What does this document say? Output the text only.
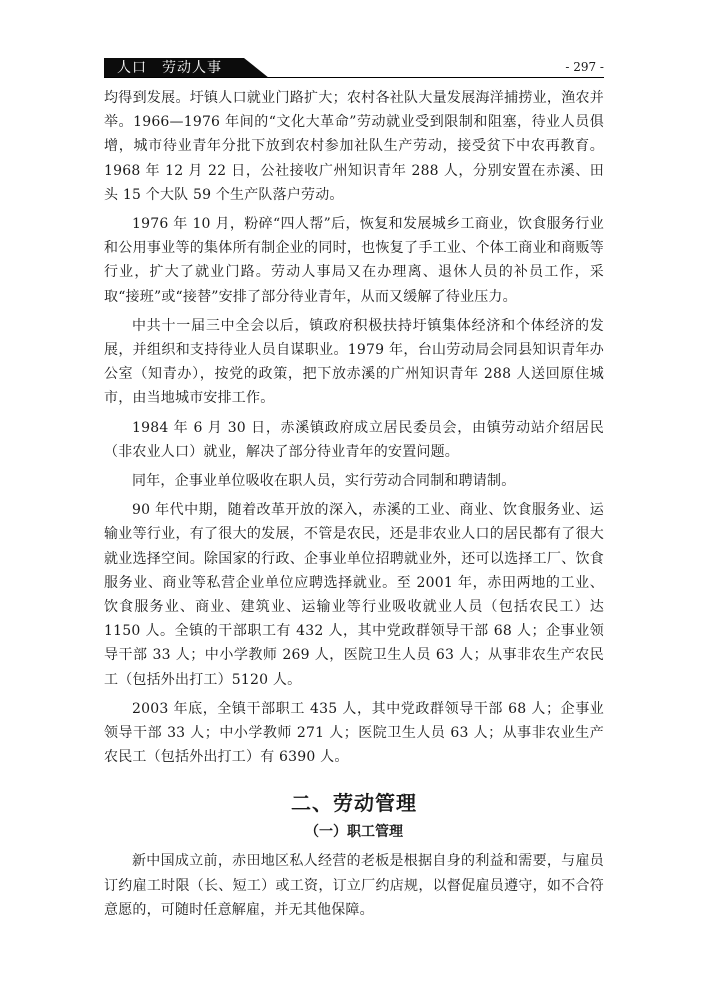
人口　劳动人事	- 297 -

均得到发展。圩镇人口就业门路扩大；农村各社队大量发展海洋捕捞业，渔农并举。1966—1976 年间的“文化大革命”劳动就业受到限制和阻塞，待业人员俱增，城市待业青年分批下放到农村参加社队生产劳动，接受贫下中农再教育。1968 年 12 月 22 日，公社接收广州知识青年 288 人，分别安置在赤溪、田头 15 个大队 59 个生产队落户劳动。

1976 年 10 月，粉碎“四人帮”后，恢复和发展城乡工商业，饮食服务行业和公用事业等的集体所有制企业的同时，也恢复了手工业、个体工商业和商贩等行业，扩大了就业门路。劳动人事局又在办理离、退休人员的补员工作，采取“接班”或“接替”安排了部分待业青年，从而又缓解了待业压力。

中共十一届三中全会以后，镇政府积极扶持圩镇集体经济和个体经济的发展，并组织和支持待业人员自谋职业。1979 年，台山劳动局会同县知识青年办公室（知青办），按党的政策，把下放赤溪的广州知识青年 288 人送回原住城市，由当地城市安排工作。

1984 年 6 月 30 日，赤溪镇政府成立居民委员会，由镇劳动站介绍居民（非农业人口）就业，解决了部分待业青年的安置问题。

同年，企事业单位吸收在职人员，实行劳动合同制和聘请制。

90 年代中期，随着改革开放的深入，赤溪的工业、商业、饮食服务业、运输业等行业，有了很大的发展，不管是农民，还是非农业人口的居民都有了很大就业选择空间。除国家的行政、企事业单位招聘就业外，还可以选择工厂、饮食服务业、商业等私营企业单位应聘选择就业。至 2001 年，赤田两地的工业、饮食服务业、商业、建筑业、运输业等行业吸收就业人员（包括农民工）达 1150 人。全镇的干部职工有 432 人，其中党政群领导干部 68 人；企事业领导干部 33 人；中小学教师 269 人，医院卫生人员 63 人；从事非农生产农民工（包括外出打工）5120 人。

2003 年底，全镇干部职工 435 人，其中党政群领导干部 68 人；企事业领导干部 33 人；中小学教师 271 人；医院卫生人员 63 人；从事非农业生产农民工（包括外出打工）有 6390 人。

二、劳动管理
（一）职工管理

新中国成立前，赤田地区私人经营的老板是根据自身的利益和需要，与雇员订约雇工时限（长、短工）或工资，订立厂约店规，以督促雇员遵守，如不合符意愿的，可随时任意解雇，并无其他保障。
